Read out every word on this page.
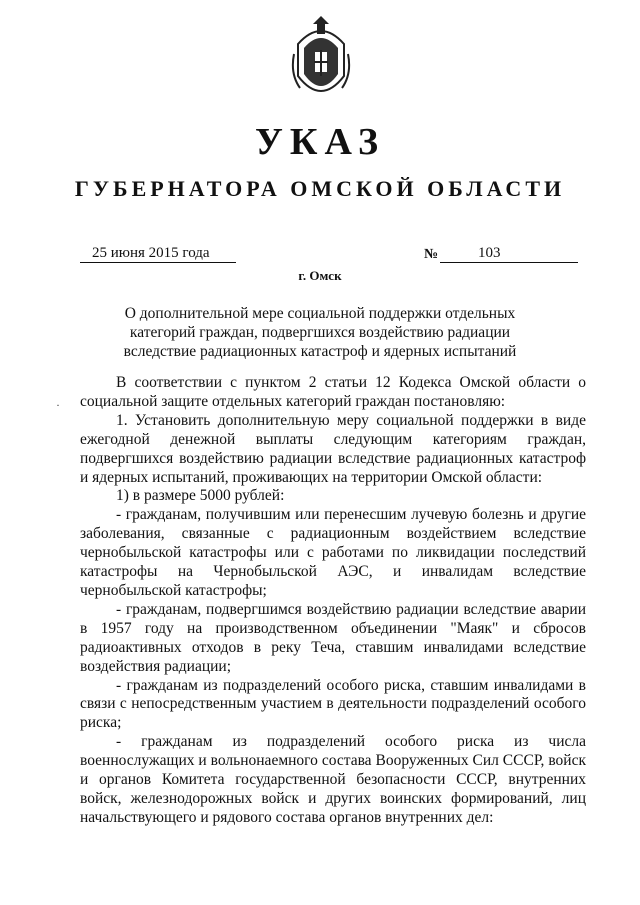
УКАЗ
ГУБЕРНАТОРА ОМСКОЙ ОБЛАСТИ
25 июня 2015 года	№	103
г. Омск
О дополнительной мере социальной поддержки отдельных категорий граждан, подвергшихся воздействию радиации вследствие радиационных катастроф и ядерных испытаний
·

В соответствии с пунктом 2 статьи 12 Кодекса Омской области о социальной защите отдельных категорий граждан постановляю:

1. Установить дополнительную меру социальной поддержки в виде ежегодной денежной выплаты следующим категориям граждан, подвергшихся воздействию радиации вследствие радиационных катастроф и ядерных испытаний, проживающих на территории Омской области:

1) в размере 5000 рублей:

- гражданам, получившим или перенесшим лучевую болезнь и другие заболевания, связанные с радиационным воздействием вследствие чернобыльской катастрофы или с работами по ликвидации последствий катастрофы на Чернобыльской АЭС, и инвалидам вследствие чернобыльской катастрофы;

- гражданам, подвергшимся воздействию радиации вследствие аварии в 1957 году на производственном объединении "Маяк" и сбросов радиоактивных отходов в реку Теча, ставшим инвалидами вследствие воздействия радиации;

- гражданам из подразделений особого риска, ставшим инвалидами в связи с непосредственным участием в деятельности подразделений особого риска;

- гражданам из подразделений особого риска из числа военнослужащих и вольнонаемного состава Вооруженных Сил СССР, войск и органов Комитета государственной безопасности СССР, внутренних войск, железнодорожных войск и других воинских формирований, лиц начальствующего и рядового состава органов внутренних дел:
